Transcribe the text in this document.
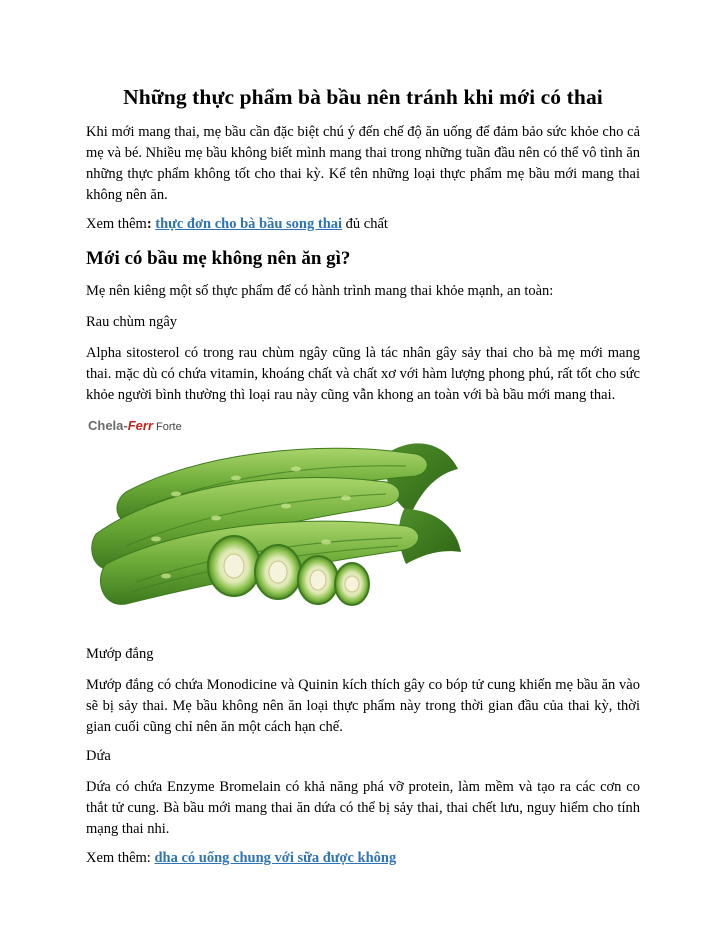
Những thực phẩm bà bầu nên tránh khi mới có thai

Khi mới mang thai, mẹ bầu cần đặc biệt chú ý đến chế độ ăn uống để đảm bảo sức khỏe cho cả mẹ và bé. Nhiều mẹ bầu không biết mình mang thai trong những tuần đầu nên có thể vô tình ăn những thực phẩm không tốt cho thai kỳ. Kể tên những loại thực phẩm mẹ bầu mới mang thai không nên ăn.

Xem thêm: thực đơn cho bà bầu song thai đủ chất

Mới có bầu mẹ không nên ăn gì?

Mẹ nên kiêng một số thực phẩm để có hành trình mang thai khỏe mạnh, an toàn:

Rau chùm ngây

Alpha sitosterol có trong rau chùm ngây cũng là tác nhân gây sảy thai cho bà mẹ mới mang thai. mặc dù có chứa vitamin, khoáng chất và chất xơ với hàm lượng phong phú, rất tốt cho sức khỏe người bình thường thì loại rau này cũng vẫn khong an toàn với bà bầu mới mang thai.

Chela-Ferr Forte

Mướp đắng

Mướp đắng có chứa Monodicine và Quinin kích thích gây co bóp tử cung khiến mẹ bầu ăn vào sẽ bị sảy thai. Mẹ bầu không nên ăn loại thực phẩm này trong thời gian đầu của thai kỳ, thời gian cuối cũng chỉ nên ăn một cách hạn chế.

Dứa

Dứa có chứa Enzyme Bromelain có khả năng phá vỡ protein, làm mềm và tạo ra các cơn co thắt tử cung. Bà bầu mới mang thai ăn dứa có thể bị sảy thai, thai chết lưu, nguy hiểm cho tính mạng thai nhi.

Xem thêm: dha có uống chung với sữa được không
